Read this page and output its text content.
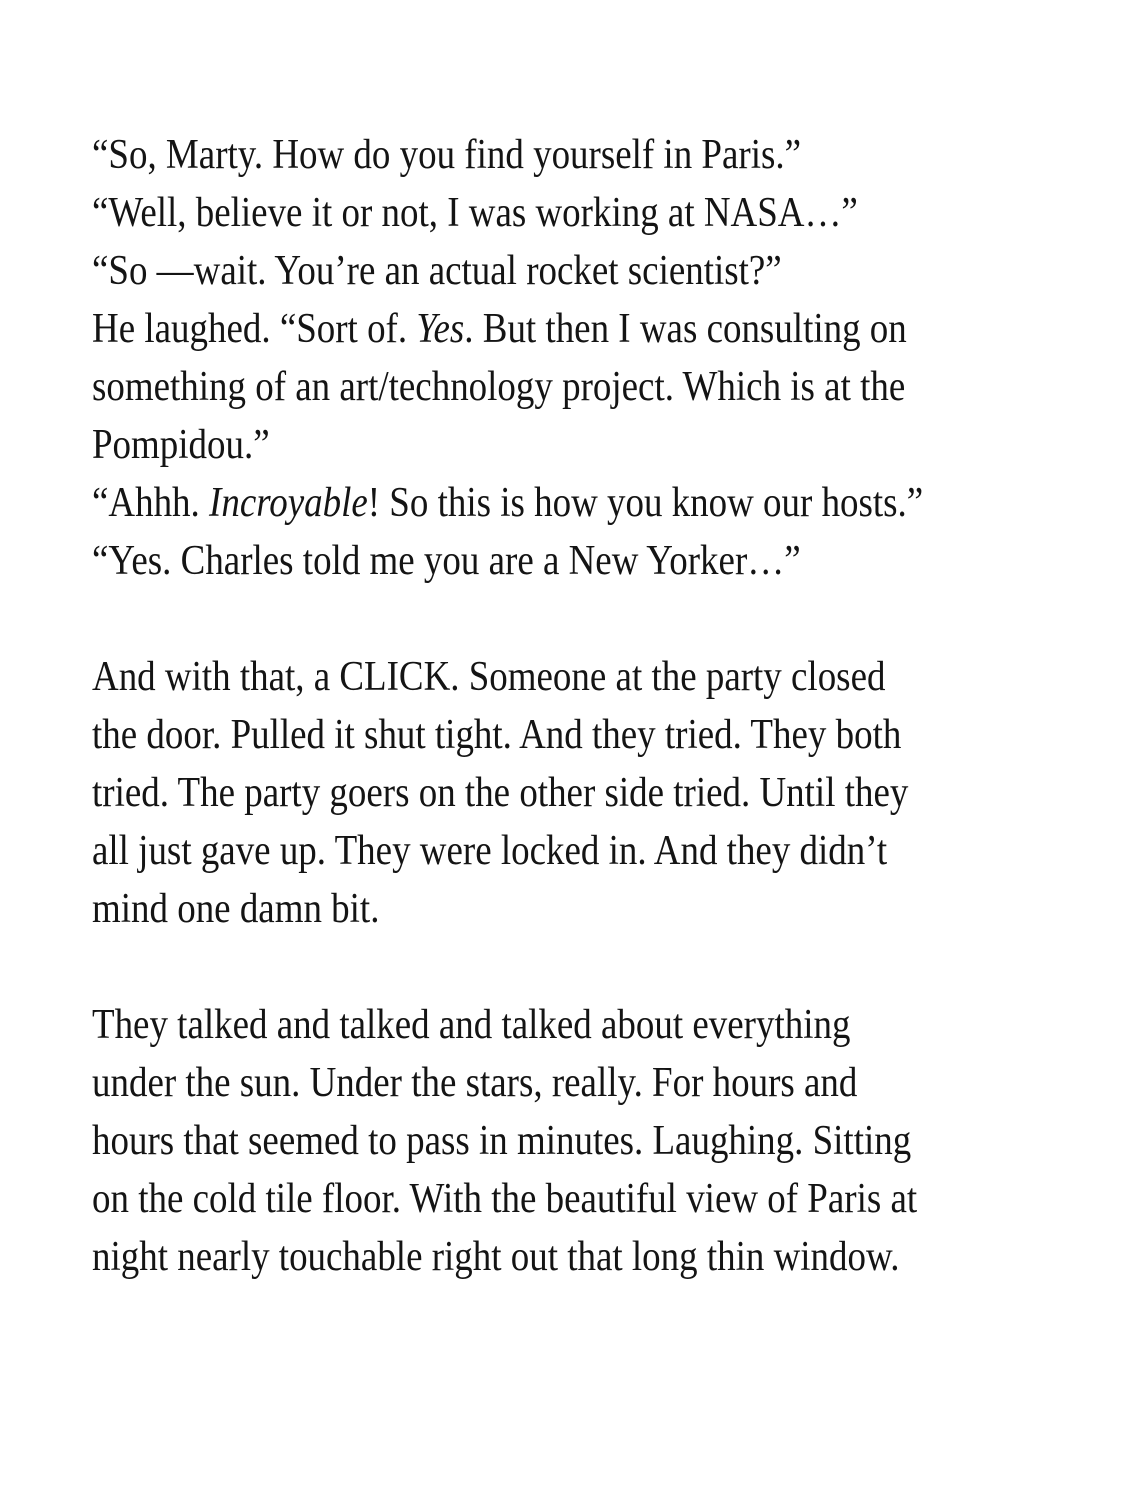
“So, Marty. How do you find yourself in Paris.”
“Well, believe it or not, I was working at NASA…”
“So —wait. You’re an actual rocket scientist?”
He laughed. “Sort of. Yes. But then I was consulting on
something of an art/technology project. Which is at the
Pompidou.”
“Ahhh. Incroyable! So this is how you know our hosts.”
“Yes. Charles told me you are a New Yorker…”
And with that, a CLICK. Someone at the party closed
the door. Pulled it shut tight. And they tried. They both
tried. The party goers on the other side tried. Until they
all just gave up. They were locked in. And they didn’t
mind one damn bit.
They talked and talked and talked about everything
under the sun. Under the stars, really. For hours and
hours that seemed to pass in minutes. Laughing. Sitting
on the cold tile floor. With the beautiful view of Paris at
night nearly touchable right out that long thin window.
